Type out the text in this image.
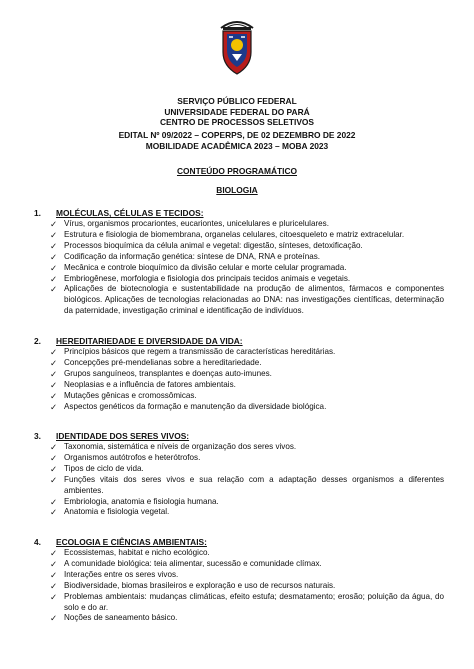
SERVIÇO PÚBLICO FEDERAL
UNIVERSIDADE FEDERAL DO PARÁ
CENTRO DE PROCESSOS SELETIVOS
EDITAL Nº 09/2022 – COPERPS, DE 02 DEZEMBRO DE 2022
MOBILIDADE ACADÊMICA 2023 – MOBA 2023
CONTEÚDO PROGRAMÁTICO
BIOLOGIA
1.	MOLÉCULAS, CÉLULAS E TECIDOS:
✓ Vírus, organismos procariontes, eucariontes, unicelulares e pluricelulares.
✓ Estrutura e fisiologia de biomembrana, organelas celulares, citoesqueleto e matriz extracelular.
✓ Processos bioquímica da célula animal e vegetal: digestão, sínteses, detoxificação.
✓ Codificação da informação genética: síntese de DNA, RNA e proteínas.
✓ Mecânica e controle bioquímico da divisão celular e morte celular programada.
✓ Embriogênese, morfologia e fisiologia dos principais tecidos animais e vegetais.
✓ Aplicações de biotecnologia e sustentabilidade na produção de alimentos, fármacos e componentes biológicos. Aplicações de tecnologias relacionadas ao DNA: nas investigações científicas, determinação da paternidade, investigação criminal e identificação de indivíduos.
2.	HEREDITARIEDADE E DIVERSIDADE DA VIDA:
✓ Princípios básicos que regem a transmissão de características hereditárias.
✓ Concepções pré-mendelianas sobre a hereditariedade.
✓ Grupos sanguíneos, transplantes e doenças auto-imunes.
✓ Neoplasias e a influência de fatores ambientais.
✓ Mutações gênicas e cromossômicas.
✓ Aspectos genéticos da formação e manutenção da diversidade biológica.
3.	IDENTIDADE DOS SERES VIVOS:
✓ Taxonomia, sistemática e níveis de organização dos seres vivos.
✓ Organismos autótrofos e heterótrofos.
✓ Tipos de ciclo de vida.
✓ Funções vitais dos seres vivos e sua relação com a adaptação desses organismos a diferentes ambientes.
✓ Embriologia, anatomia e fisiologia humana.
✓ Anatomia e fisiologia vegetal.
4.	ECOLOGIA E CIÊNCIAS AMBIENTAIS:
✓ Ecossistemas, habitat e nicho ecológico.
✓ A comunidade biológica: teia alimentar, sucessão e comunidade clímax.
✓ Interações entre os seres vivos.
✓ Biodiversidade, biomas brasileiros e exploração e uso de recursos naturais.
✓ Problemas ambientais: mudanças climáticas, efeito estufa; desmatamento; erosão; poluição da água, do solo e do ar.
✓ Noções de saneamento básico.
